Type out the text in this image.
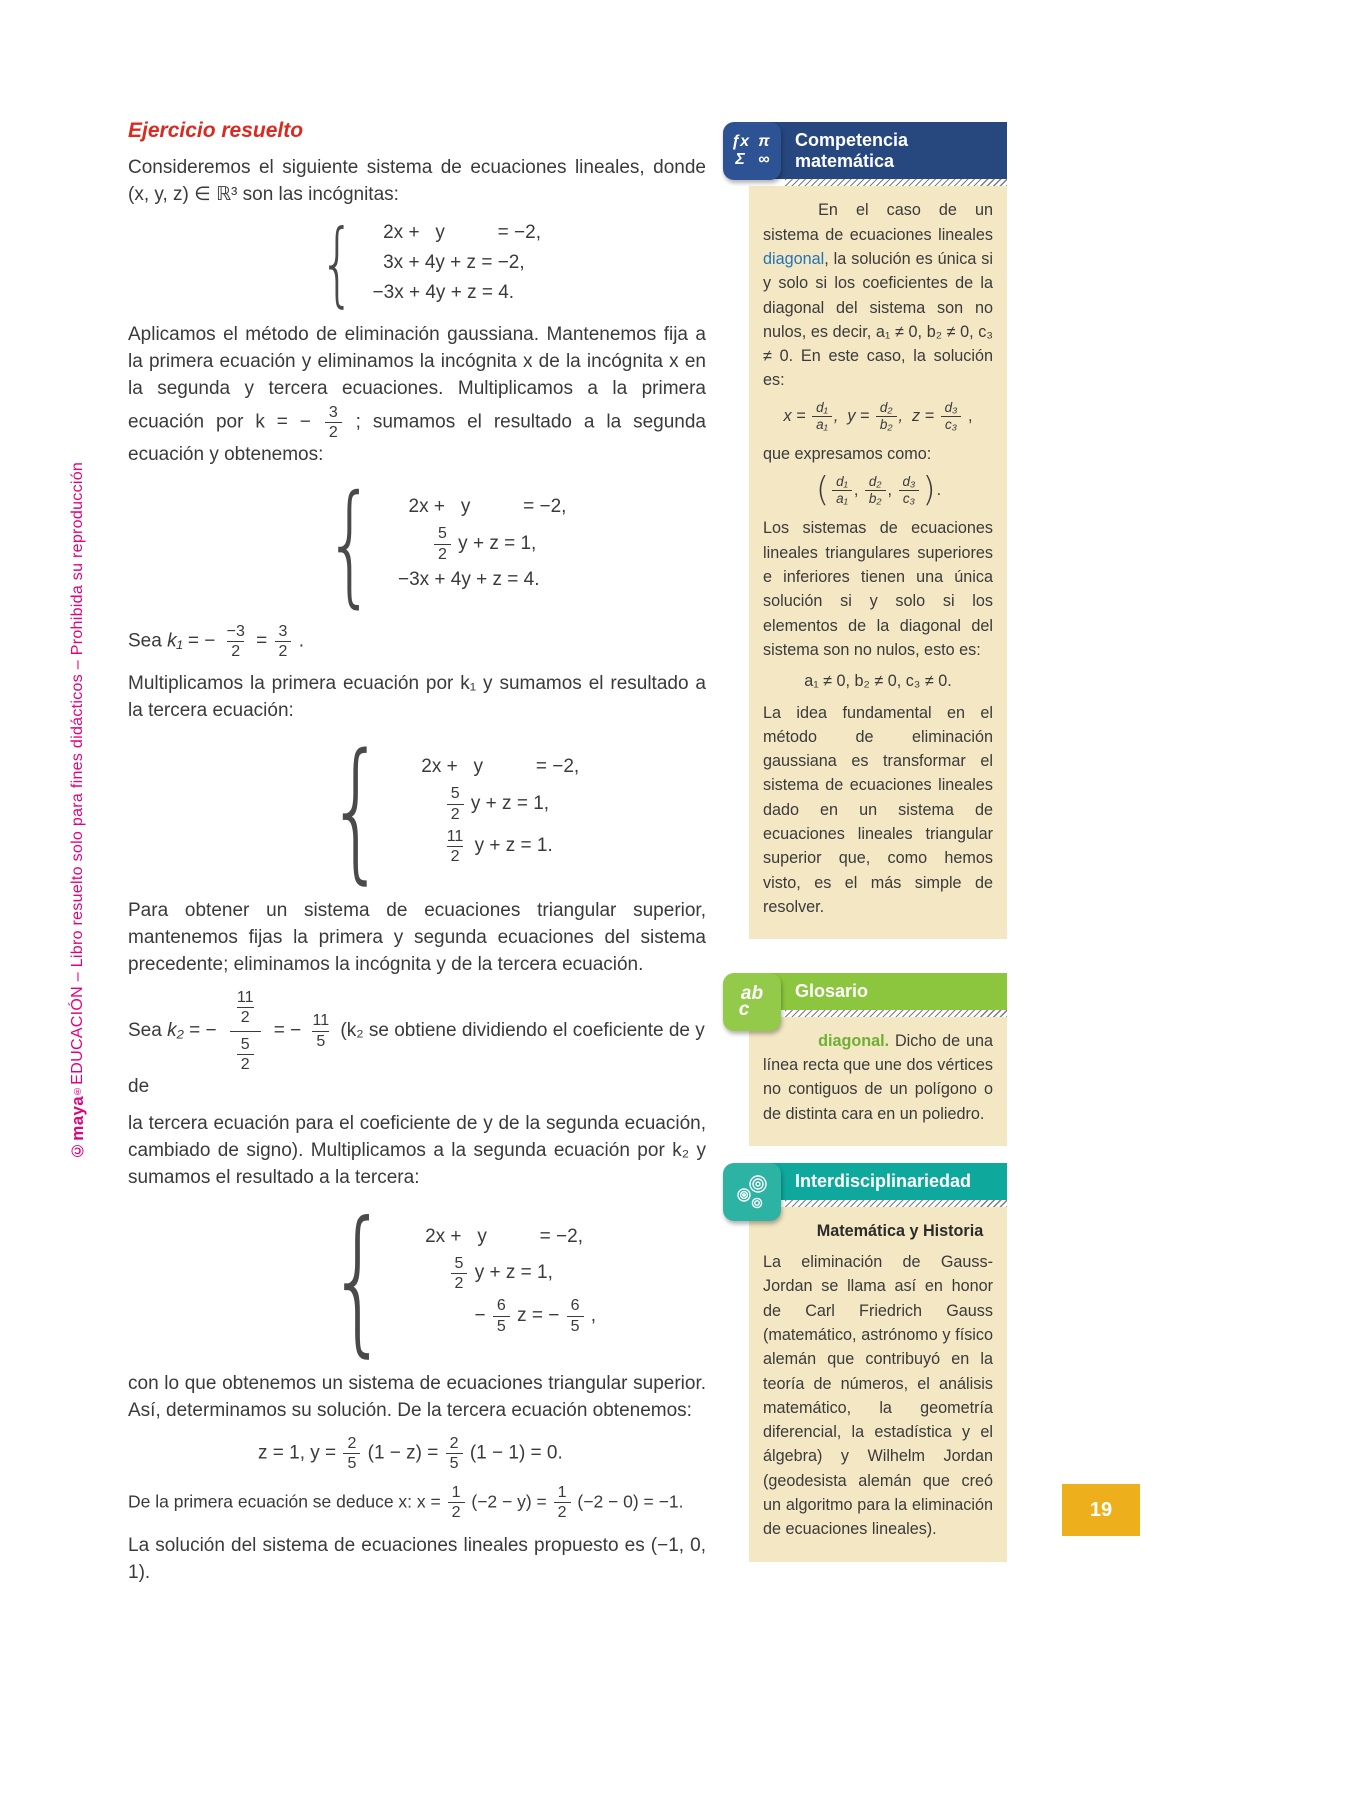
©maya®EDUCACIÓN – Libro resuelto solo para fines didácticos – Prohibida su reproducción

Ejercicio resuelto

Consideremos el siguiente sistema de ecuaciones lineales, donde (x, y, z) ∈ ℝ³ son las incógnitas:

{ 2x +   y          = −2,
3x + 4y + z = −2,
−3x + 4y + z = 4.

Aplicamos el método de eliminación gaussiana. Mantenemos fija a la primera ecuación y eliminamos la incógnita x de la incógnita x en la segunda y tercera ecuaciones. Multiplicamos a la primera ecuación por k = − $\frac{3}{2}$ ; sumamos el resultado a la segunda ecuación y obtenemos:

{ 2x +   y          = −2,
$\frac{5}{2}$ y + z = 1,
−3x + 4y + z = 4.
Sea k₁ = − $\frac{-3}{2} = \frac{3}{2}$ .

Multiplicamos la primera ecuación por k₁ y sumamos el resultado a la tercera ecuación:

{ 2x +   y          = −2,
$\frac{5}{2}$ y + z = 1,
$\frac{11}{2}$ y + z = 1.

Para obtener un sistema de ecuaciones triangular superior, mantenemos fijas la primera y segunda ecuaciones del sistema precedente; eliminamos la incógnita y de la tercera ecuación.

Sea k₂ = − $\frac{\frac{11}{2}}{\frac{5}{2}}$ = − $\frac{11}{5} (k_2$ se obtiene dividiendo el coeficiente de y de

la tercera ecuación para el coeficiente de y de la segunda ecuación, cambiado de signo). Multiplicamos a la segunda ecuación por k₂ y sumamos el resultado a la tercera:

{ 2x +   y          = −2,
$\frac{5}{2}$ y + z = 1,
− $\frac{6}{5}$ z = − $\frac{6}{5}$ ,

con lo que obtenemos un sistema de ecuaciones triangular superior. Así, determinamos su solución. De la tercera ecuación obtenemos:

z = 1, $y = \frac{2}{5} (1 - z) = \frac{2}{5} (1 - 1) = 0$.
De la primera ecuación se deduce x: $x = \frac{1}{2} (-2 - y) = \frac{1}{2} (-2 - 0) = -1$.

La solución del sistema de ecuaciones lineales propuesto es (−1, 0, 1).

ƒx π
Σ ∞
Competencia matemática

En el caso de un sistema de ecuaciones lineales diagonal, la solución es única si y solo si los coeficientes de la diagonal del sistema son no nulos, es decir, a₁ ≠ 0, b₂ ≠ 0, c₃ ≠ 0. En este caso, la solución es:

$x = \frac{\text{d₁}}{\text{a₁}}$ ,  $y = \frac{\text{d₂}}{\text{b₂}}$ ,  $z = \frac{\text{d₃}}{\text{c₃}}$ ,

que expresamos como:

( $\frac{\text{d₁}}{\text{a₁}}$ , $\frac{\text{d₂}}{\text{b₂}}$ , $\frac{\text{d₃}}{\text{c₃}}$ ) .

Los sistemas de ecuaciones lineales triangulares superiores e inferiores tienen una única solución si y solo si los elementos de la diagonal del sistema son no nulos, esto es:

a₁ ≠ 0, b₂ ≠ 0, c₃ ≠ 0.

La idea fundamental en el método de eliminación gaussiana es transformar el sistema de ecuaciones lineales dado en un sistema de ecuaciones lineales triangular superior que, como hemos visto, es el más simple de resolver.

ab
c
Glosario

diagonal. Dicho de una línea recta que une dos vértices no contiguos de un polígono o de distinta cara en un poliedro.

Interdisciplinariedad

Matemática y Historia

La eliminación de Gauss-Jordan se llama así en honor de Carl Friedrich Gauss (matemático, astrónomo y físico alemán que contribuyó en la teoría de números, el análisis matemático, la geometría diferencial, la estadística y el álgebra) y Wilhelm Jordan (geodesista alemán que creó un algoritmo para la eliminación de ecuaciones lineales).

19
